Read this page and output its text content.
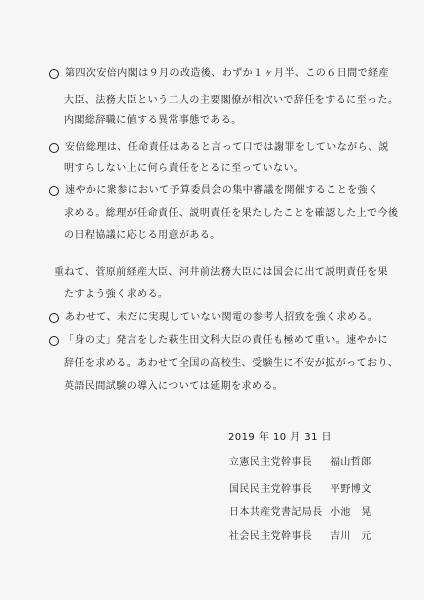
第四次安倍内閣は９月の改造後、わずか１ヶ月半、この６日間で経産
大臣、法務大臣という二人の主要閣僚が相次いで辞任をするに至った。
内閣総辞職に値する異常事態である。
安倍総理は、任命責任はあると言って口では謝罪をしていながら、説
明すらしない上に何ら責任をとるに至っていない。
速やかに衆参において予算委員会の集中審議を開催することを強く
求める。総理が任命責任、説明責任を果たしたことを確認した上で今後
の日程協議に応じる用意がある。
重ねて、菅原前経産大臣、河井前法務大臣には国会に出て説明責任を果
たすよう強く求める。
あわせて、未だに実現していない関電の参考人招致を強く求める。
「身の丈」発言をした萩生田文科大臣の責任も極めて重い。速やかに
辞任を求める。あわせて全国の高校生、受験生に不安が拡がっており、
英語民間試験の導入については延期を求める。
2019 年 10 月 31 日
立憲民主党幹事長 福山哲郎
国民民主党幹事長 平野博文
日本共産党書記局長 小池　晃
社会民主党幹事長 吉川　元
